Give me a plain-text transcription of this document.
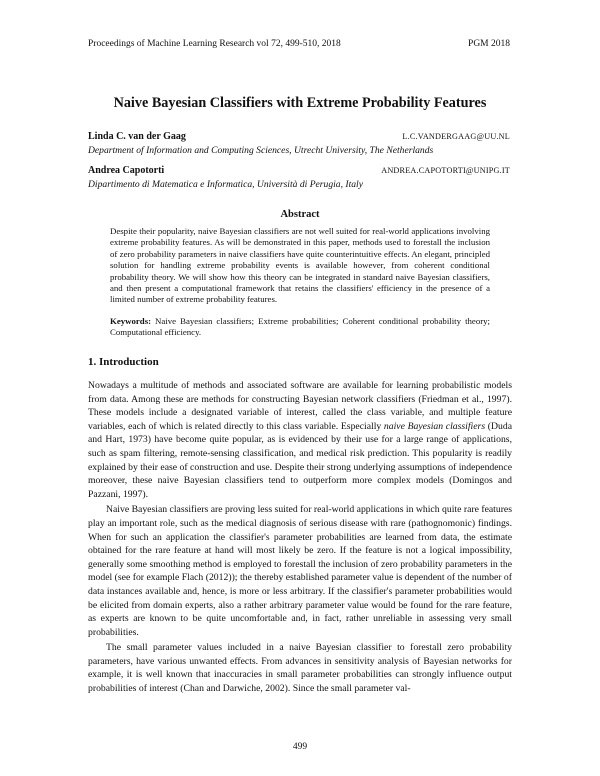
Proceedings of Machine Learning Research vol 72, 499-510, 2018	PGM 2018
Naive Bayesian Classifiers with Extreme Probability Features
Linda C. van der Gaag	L.C.VANDERGAAG@UU.NL
Department of Information and Computing Sciences, Utrecht University, The Netherlands
Andrea Capotorti	ANDREA.CAPOTORTI@UNIPG.IT
Dipartimento di Matematica e Informatica, Università di Perugia, Italy
Abstract
Despite their popularity, naive Bayesian classifiers are not well suited for real-world applications involving extreme probability features. As will be demonstrated in this paper, methods used to forestall the inclusion of zero probability parameters in naive classifiers have quite counterintuitive effects. An elegant, principled solution for handling extreme probability events is available however, from coherent conditional probability theory. We will show how this theory can be integrated in standard naive Bayesian classifiers, and then present a computational framework that retains the classifiers' efficiency in the presence of a limited number of extreme probability features.
Keywords: Naive Bayesian classifiers; Extreme probabilities; Coherent conditional probability theory; Computational efficiency.
1. Introduction

Nowadays a multitude of methods and associated software are available for learning probabilistic models from data. Among these are methods for constructing Bayesian network classifiers (Friedman et al., 1997). These models include a designated variable of interest, called the class variable, and multiple feature variables, each of which is related directly to this class variable. Especially naive Bayesian classifiers (Duda and Hart, 1973) have become quite popular, as is evidenced by their use for a large range of applications, such as spam filtering, remote-sensing classification, and medical risk prediction. This popularity is readily explained by their ease of construction and use. Despite their strong underlying assumptions of independence moreover, these naive Bayesian classifiers tend to outperform more complex models (Domingos and Pazzani, 1997).

Naive Bayesian classifiers are proving less suited for real-world applications in which quite rare features play an important role, such as the medical diagnosis of serious disease with rare (pathognomonic) findings. When for such an application the classifier's parameter probabilities are learned from data, the estimate obtained for the rare feature at hand will most likely be zero. If the feature is not a logical impossibility, generally some smoothing method is employed to forestall the inclusion of zero probability parameters in the model (see for example Flach (2012)); the thereby established parameter value is dependent of the number of data instances available and, hence, is more or less arbitrary. If the classifier's parameter probabilities would be elicited from domain experts, also a rather arbitrary parameter value would be found for the rare feature, as experts are known to be quite uncomfortable and, in fact, rather unreliable in assessing very small probabilities.

The small parameter values included in a naive Bayesian classifier to forestall zero probability parameters, have various unwanted effects. From advances in sensitivity analysis of Bayesian networks for example, it is well known that inaccuracies in small parameter probabilities can strongly influence output probabilities of interest (Chan and Darwiche, 2002). Since the small parameter val-

499
